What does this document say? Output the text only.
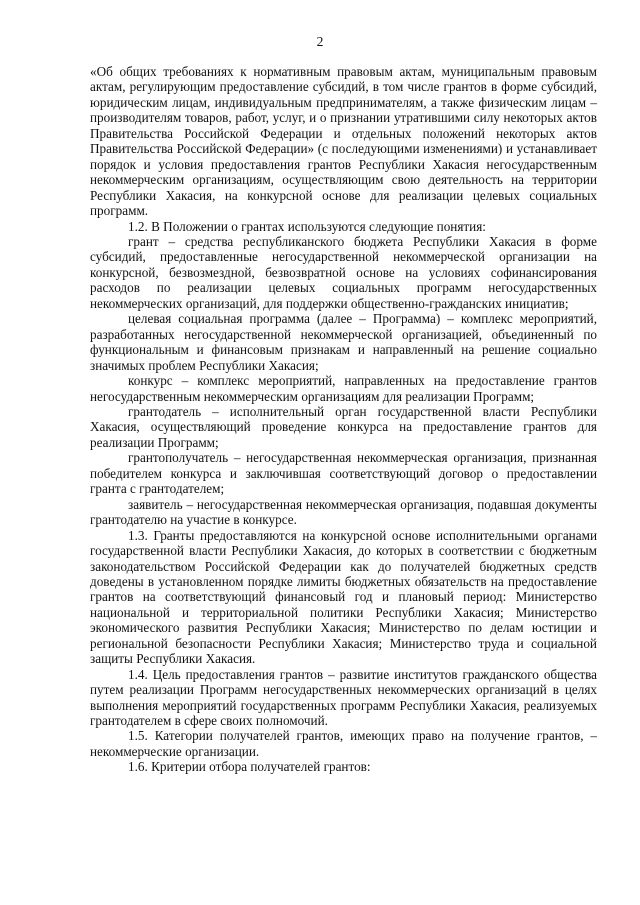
2

«Об общих требованиях к нормативным правовым актам, муниципальным правовым актам, регулирующим предоставление субсидий, в том числе грантов в форме субсидий, юридическим лицам, индивидуальным предпринимателям, а также физическим лицам – производителям товаров, работ, услуг, и о признании утратившими силу некоторых актов Правительства Российской Федерации и отдельных положений некоторых актов Правительства Российской Федерации» (с последующими изменениями) и устанавливает порядок и условия предоставления грантов Республики Хакасия негосударственным некоммерческим организациям, осуществляющим свою деятельность на территории Республики Хакасия, на конкурсной основе для реализации целевых социальных программ.

1.2. В Положении о грантах используются следующие понятия:

грант – средства республиканского бюджета Республики Хакасия в форме субсидий, предоставленные негосударственной некоммерческой организации на конкурсной, безвозмездной, безвозвратной основе на условиях софинансирования расходов по реализации целевых социальных программ негосударственных некоммерческих организаций, для поддержки общественно-гражданских инициатив;

целевая социальная программа (далее – Программа) – комплекс мероприятий, разработанных негосударственной некоммерческой организацией, объединенный по функциональным и финансовым признакам и направленный на решение социально значимых проблем Республики Хакасия;

конкурс – комплекс мероприятий, направленных на предоставление грантов негосударственным некоммерческим организациям для реализации Программ;

грантодатель – исполнительный орган государственной власти Республики Хакасия, осуществляющий проведение конкурса на предоставление грантов для реализации Программ;

грантополучатель – негосударственная некоммерческая организация, признанная победителем конкурса и заключившая соответствующий договор о предоставлении гранта с грантодателем;

заявитель – негосударственная некоммерческая организация, подавшая документы грантодателю на участие в конкурсе.

1.3. Гранты предоставляются на конкурсной основе исполнительными органами государственной власти Республики Хакасия, до которых в соответствии с бюджетным законодательством Российской Федерации как до получателей бюджетных средств доведены в установленном порядке лимиты бюджетных обязательств на предоставление грантов на соответствующий финансовый год и плановый период: Министерство национальной и территориальной политики Республики Хакасия; Министерство экономического развития Республики Хакасия; Министерство по делам юстиции и региональной безопасности Республики Хакасия; Министерство труда и социальной защиты Республики Хакасия.

1.4. Цель предоставления грантов – развитие институтов гражданского общества путем реализации Программ негосударственных некоммерческих организаций в целях выполнения мероприятий государственных программ Республики Хакасия, реализуемых грантодателем в сфере своих полномочий.

1.5. Категории получателей грантов, имеющих право на получение грантов, – некоммерческие организации.

1.6. Критерии отбора получателей грантов:
